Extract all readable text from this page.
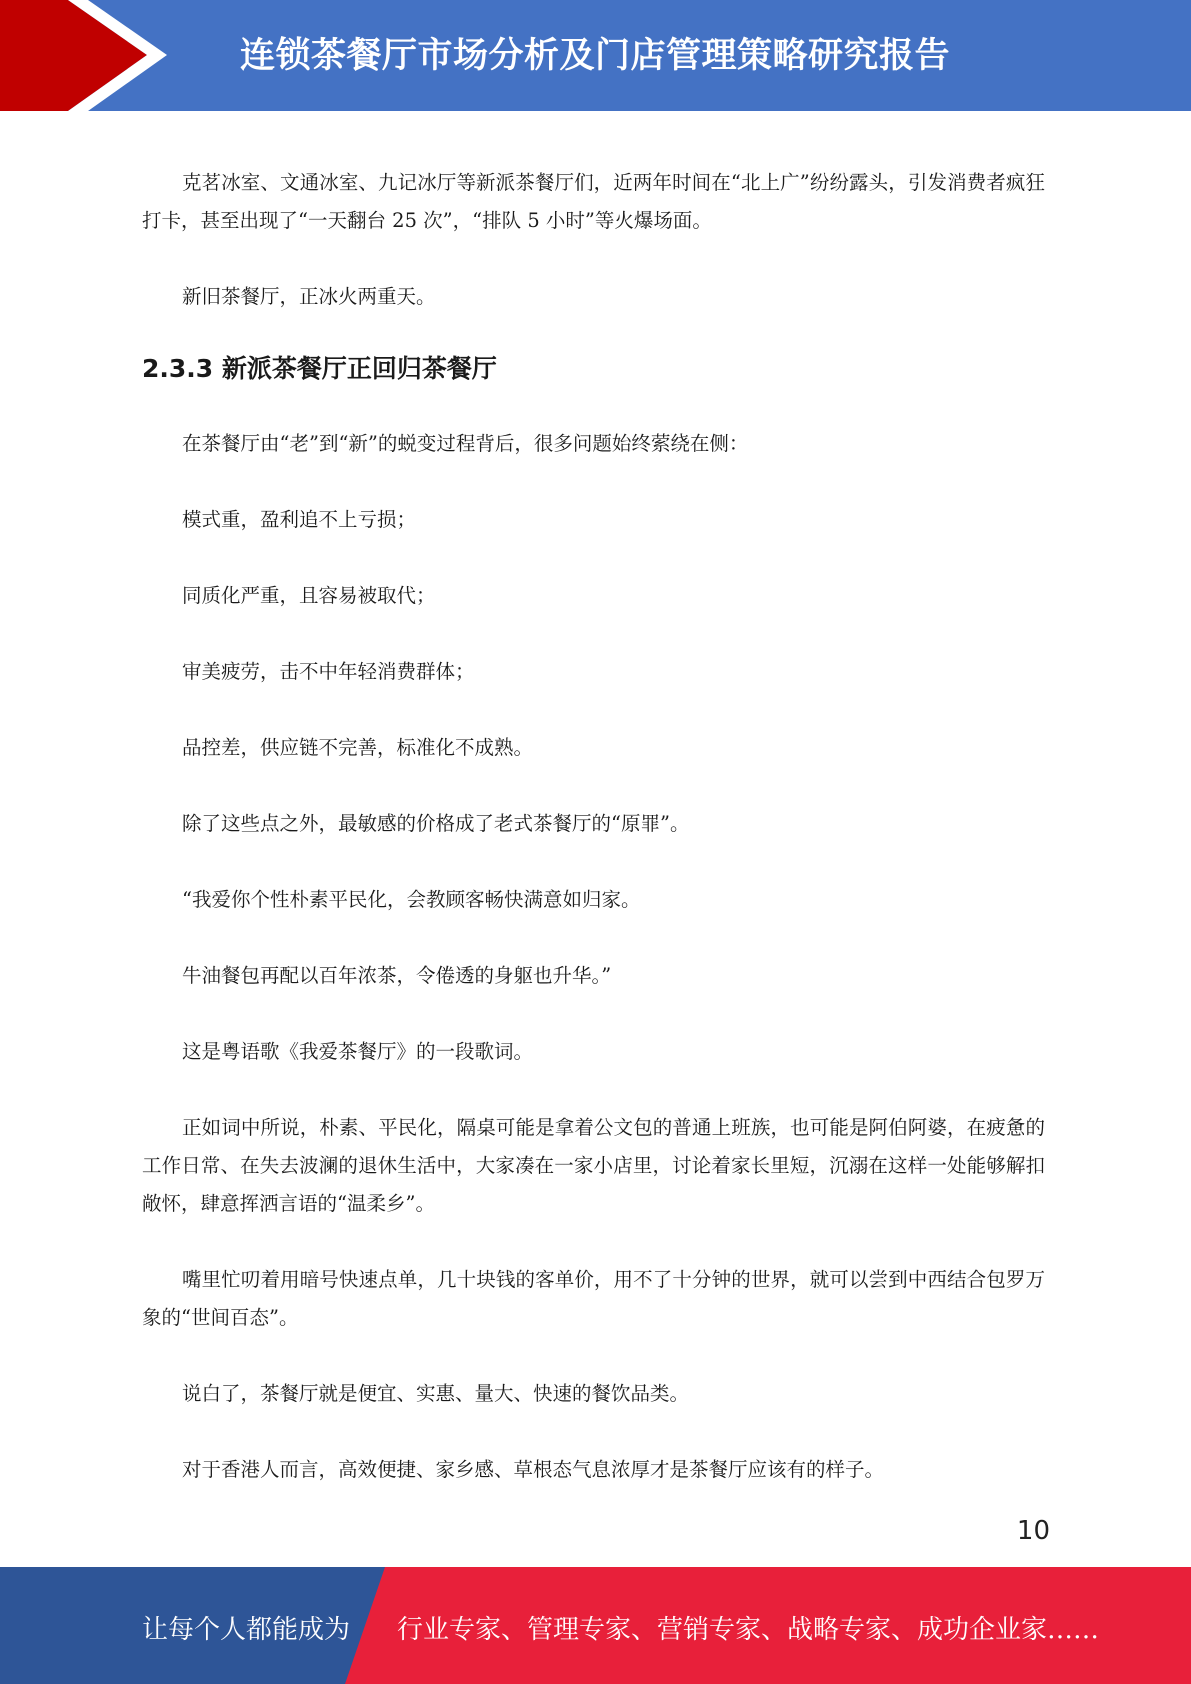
连锁茶餐厅市场分析及门店管理策略研究报告

克茗冰室、文通冰室、九记冰厅等新派茶餐厅们，近两年时间在“北上广”纷纷露头，引发消费者疯狂打卡，甚至出现了“一天翻台 25 次”，“排队 5 小时”等火爆场面。

新旧茶餐厅，正冰火两重天。

2.3.3 新派茶餐厅正回归茶餐厅

在茶餐厅由“老”到“新”的蜕变过程背后，很多问题始终萦绕在侧：

模式重，盈利追不上亏损；

同质化严重，且容易被取代；

审美疲劳，击不中年轻消费群体；

品控差，供应链不完善，标准化不成熟。

除了这些点之外，最敏感的价格成了老式茶餐厅的“原罪”。

“我爱你个性朴素平民化，会教顾客畅快满意如归家。

牛油餐包再配以百年浓茶，令倦透的身躯也升华。”

这是粤语歌《我爱茶餐厅》的一段歌词。

正如词中所说，朴素、平民化，隔桌可能是拿着公文包的普通上班族，也可能是阿伯阿婆，在疲惫的工作日常、在失去波澜的退休生活中，大家凑在一家小店里，讨论着家长里短，沉溺在这样一处能够解扣敞怀，肆意挥洒言语的“温柔乡”。

嘴里忙叨着用暗号快速点单，几十块钱的客单价，用不了十分钟的世界，就可以尝到中西结合包罗万象的“世间百态”。

说白了，茶餐厅就是便宜、实惠、量大、快速的餐饮品类。

对于香港人而言，高效便捷、家乡感、草根态气息浓厚才是茶餐厅应该有的样子。

10
让每个人都能成为 行业专家、管理专家、营销专家、战略专家、成功企业家……
